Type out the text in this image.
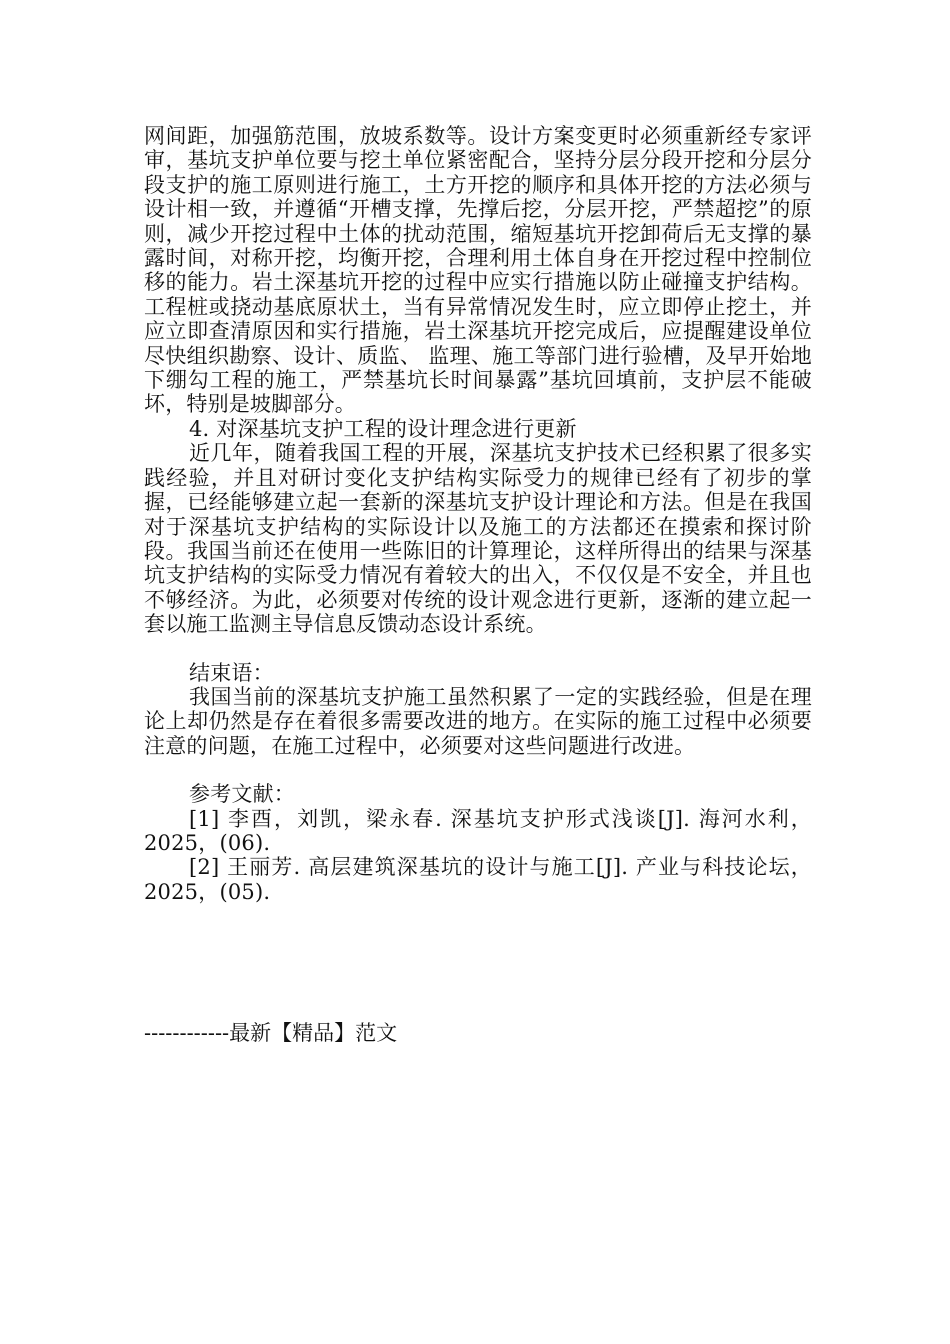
网间距，加强筋范围，放坡系数等。设计方案变更时必须重新经专家评审，基坑支护单位要与挖土单位紧密配合，坚持分层分段开挖和分层分段支护的施工原则进行施工，土方开挖的顺序和具体开挖的方法必须与设计相一致，并遵循“开槽支撑，先撑后挖，分层开挖，严禁超挖”的原则，减少开挖过程中土体的扰动范围，缩短基坑开挖卸荷后无支撑的暴露时间，对称开挖，均衡开挖，合理利用土体自身在开挖过程中控制位移的能力。岩土深基坑开挖的过程中应实行措施以防止碰撞支护结构。工程桩或挠动基底原状土，当有异常情况发生时，应立即停止挖土，并应立即查清原因和实行措施，岩土深基坑开挖完成后，应提醒建设单位尽快组织勘察、设计、质监、 监理、施工等部门进行验槽，及早开始地下绷勾工程的施工，严禁基坑长时间暴露”基坑回填前，支护层不能破坏，特别是坡脚部分。

4. 对深基坑支护工程的设计理念进行更新

近几年，随着我国工程的开展，深基坑支护技术已经积累了很多实践经验，并且对研讨变化支护结构实际受力的规律已经有了初步的掌握，已经能够建立起一套新的深基坑支护设计理论和方法。但是在我国对于深基坑支护结构的实际设计以及施工的方法都还在摸索和探讨阶段。我国当前还在使用一些陈旧的计算理论，这样所得出的结果与深基坑支护结构的实际受力情况有着较大的出入，不仅仅是不安全，并且也不够经济。为此，必须要对传统的设计观念进行更新，逐渐的建立起一套以施工监测主导信息反馈动态设计系统。

结束语：

我国当前的深基坑支护施工虽然积累了一定的实践经验，但是在理论上却仍然是存在着很多需要改进的地方。在实际的施工过程中必须要注意的问题，在施工过程中，必须要对这些问题进行改进。

参考文献：

[1] 李酉，刘凯，梁永春. 深基坑支护形式浅谈[J]. 海河水利，2025，(06).

[2] 王丽芳. 高层建筑深基坑的设计与施工[J]. 产业与科技论坛，2025，(05).

------------最新【精品】范文
